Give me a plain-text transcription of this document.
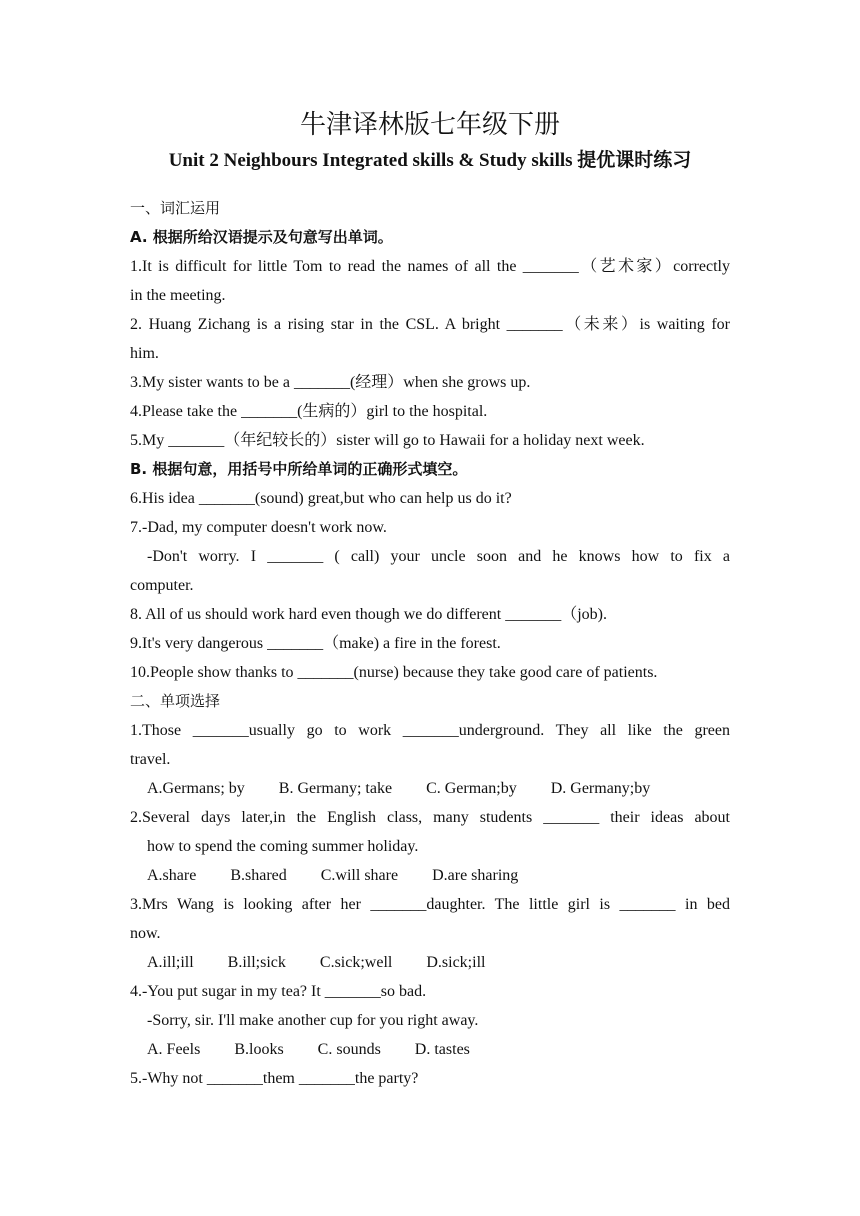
牛津译林版七年级下册
Unit 2 Neighbours Integrated skills & Study skills 提优课时练习
一、词汇运用
A. 根据所给汉语提示及句意写出单词。
1.It is difficult for little Tom to read the names of all the _______（艺术家）correctly
in the meeting.
2. Huang Zichang is a rising star in the CSL. A bright _______（未来）is waiting for
him.
3.My sister wants to be a _______(经理）when she grows up.
4.Please take the _______(生病的）girl to the hospital.
5.My _______（年纪较长的）sister will go to Hawaii for a holiday next week.
B. 根据句意，用括号中所给单词的正确形式填空。
6.His idea _______(sound) great,but who can help us do it?
7.-Dad, my computer doesn't work now.
-Don't worry. I _______ ( call) your uncle soon and he knows how to fix a
computer.
8. All of us should work hard even though we do different _______（job).
9.It's very dangerous _______（make) a fire in the forest.
10.People show thanks to _______(nurse) because they take good care of patients.
二、单项选择
1.Those _______usually go to work _______underground. They all like the green
travel.
A.Germans; by B. Germany; take C. German;by D. Germany;by
2.Several days later,in the English class, many students _______ their ideas about
how to spend the coming summer holiday.
A.share B.shared C.will share D.are sharing
3.Mrs Wang is looking after her _______daughter. The little girl is _______ in bed
now.
A.ill;ill B.ill;sick C.sick;well D.sick;ill
4.-You put sugar in my tea? It _______so bad.
-Sorry, sir. I'll make another cup for you right away.
A. Feels B.looks C. sounds D. tastes
5.-Why not _______them _______the party?
